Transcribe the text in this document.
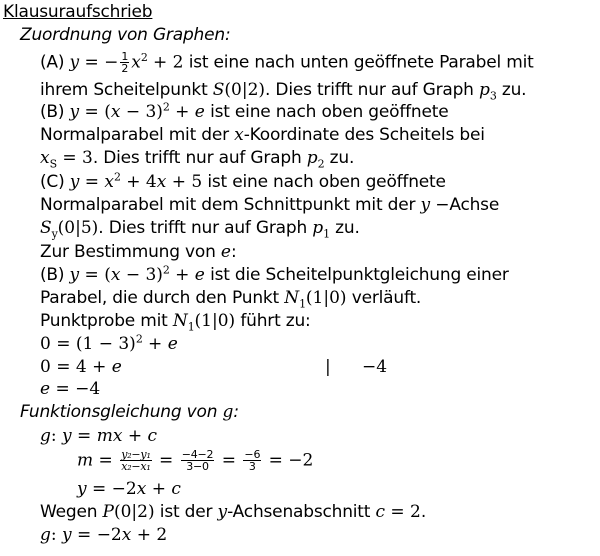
Klausuraufschrieb
Zuordnung von Graphen:
(A) y = − $\frac{1}{2} x^2 + 2$ ist eine nach unten geöffnete Parabel mit
ihrem Scheitelpunkt S(0|2). Dies trifft nur auf Graph $p_3$ zu.
(B) $y = (x - 3)^2 + e$ ist eine nach oben geöffnete
Normalparabel mit der x-Koordinate des Scheitels bei
$x_S = 3$. Dies trifft nur auf Graph $p_2$ zu.
(C) $y = x^2 + 4x + 5$ ist eine nach oben geöffnete
Normalparabel mit dem Schnittpunkt mit der y −Achse
$S_y(0|5)$. Dies trifft nur auf Graph $p_1$ zu.
Zur Bestimmung von e:
(B) $y = (x - 3)^2 + e$ ist die Scheitelpunktgleichung einer
Parabel, die durch den Punkt $N_1(1|0)$ verläuft.
Punktprobe mit $N_1(1|0)$ führt zu:
$0 = (1 - 3)^2 + e$
0 = 4 + e
e = −4
Funktionsgleichung von g:
g: y = mx + c
$m = \frac{\text{y₂−y₁}}{\text{x₂−x₁}} = \frac{-4-2}{3-0} = \frac{-6}{3} = -2$
y = −2x + c
Wegen P(0|2) ist der y-Achsenabschnitt c = 2.
g: y = −2x + 2
| −4
